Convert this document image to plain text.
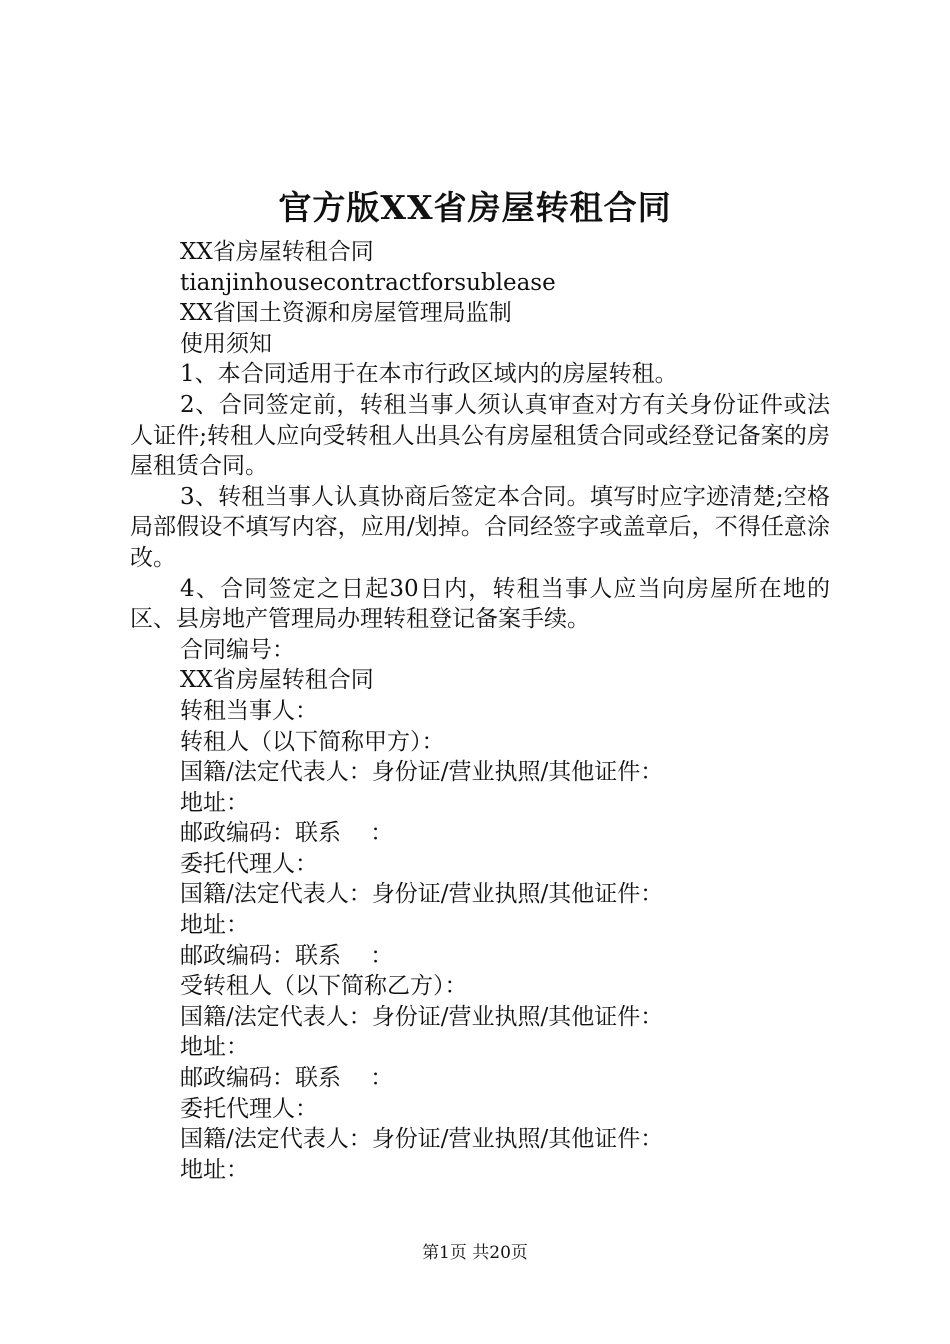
官方版XX省房屋转租合同
XX省房屋转租合同
tianjinhousecontractforsublease
XX省国土资源和房屋管理局监制
使用须知
1、本合同适用于在本市行政区域内的房屋转租。
2、合同签定前，转租当事人须认真审查对方有关身份证件或法人证件;转租人应向受转租人出具公有房屋租赁合同或经登记备案的房屋租赁合同。
3、转租当事人认真协商后签定本合同。填写时应字迹清楚;空格局部假设不填写内容，应用/划掉。合同经签字或盖章后，不得任意涂改。
4、合同签定之日起30日内，转租当事人应当向房屋所在地的区、县房地产管理局办理转租登记备案手续。
合同编号：
XX省房屋转租合同
转租当事人：
转租人（以下简称甲方）：
国籍/法定代表人：身份证/营业执照/其他证件：
地址：
邮政编码：联系    ：
委托代理人：
国籍/法定代表人：身份证/营业执照/其他证件：
地址：
邮政编码：联系    ：
受转租人（以下简称乙方）：
国籍/法定代表人：身份证/营业执照/其他证件：
地址：
邮政编码：联系    ：
委托代理人：
国籍/法定代表人：身份证/营业执照/其他证件：
地址：
第1页 共20页
